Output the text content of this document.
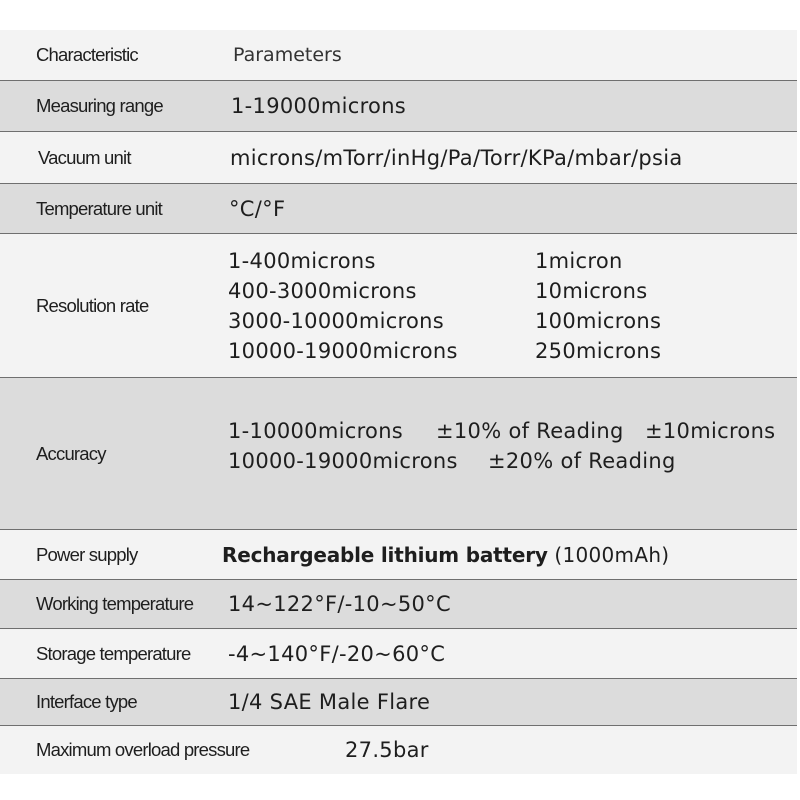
Characteristic	Parameters
Measuring range	1-19000microns
Vacuum unit	microns/mTorr/inHg/Pa/Torr/KPa/mbar/psia
Temperature unit	°C/°F
Resolution rate
1-400microns	1micron
400-3000microns	10microns
3000-10000microns	100microns
10000-19000microns	250microns
Accuracy
1-10000microns ±10% of Reading ±10microns
10000-19000microns ±20% of Reading
Power supply	Rechargeable lithium battery (1000mAh)
Working temperature 14~122°F/-10~50°C
Storage temperature -4~140°F/-20~60°C
Interface type	1/4 SAE Male Flare
Maximum overload pressure	27.5bar
